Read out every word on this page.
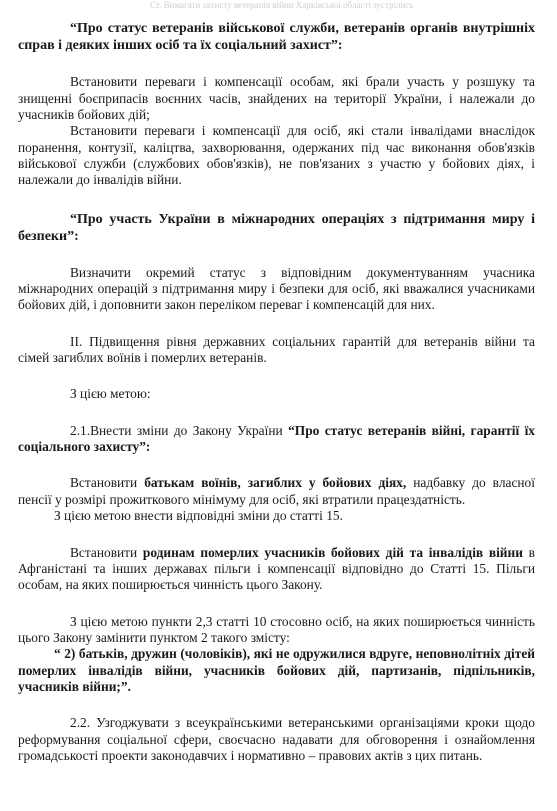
Ст. Вимагати захисту ветеранів війни Харківської області зустрілись

“Про статус ветеранів військової служби, ветеранів органів внутрішніх справ і деяких інших осіб та їх соціальний захист”:

Встановити переваги і компенсації особам, які брали участь у розшуку та знищенні боєприпасів воєнних часів, знайдених на території України, і належали до учасників бойових дій;

Встановити переваги і компенсації для осіб, які стали інвалідами внаслідок поранення, контузії, каліцтва, захворювання, одержаних під час виконання обов'язків військової служби (службових обов'язків), не пов'язаних з участю у бойових діях, і належали до інвалідів війни.

“Про участь України в міжнародних операціях з підтримання миру і безпеки”:

Визначити окремий статус з відповідним документуванням учасника міжнародних операцій з підтримання миру і безпеки для осіб, які вважалися учасниками бойових дій, і доповнити закон переліком переваг і компенсацій для них.

II. Підвищення рівня державних соціальних гарантій для ветеранів війни та сімей загиблих воїнів і померлих ветеранів.

З цією метою:

2.1.Внести зміни до Закону України “Про статус ветеранів війні, гарантії їх соціального захисту”:

Встановити батькам воїнів, загиблих у бойових діях, надбавку до власної пенсії у розмірі прожиткового мінімуму для осіб, які втратили працездатність.

З цією метою внести відповідні зміни до статті 15.

Встановити родинам померлих учасників бойових дій та інвалідів війни в Афганістані та інших державах пільги і компенсації відповідно до Статті 15. Пільги особам, на яких поширюється чинність цього Закону.

З цією метою пункти 2,3 статті 10 стосовно осіб, на яких поширюється чинність цього Закону замінити пунктом 2 такого змісту:

“ 2) батьків, дружин (чоловіків), які не одружилися вдруге, неповнолітніх дітей померлих інвалідів війни, учасників бойових дій, партизанів, підпільників, учасників війни;”.

2.2. Узгоджувати з всеукраїнськими ветеранськими організаціями кроки щодо реформування соціальної сфери, своєчасно надавати для обговорення і ознайомлення громадськості проекти законодавчих і нормативно – правових актів з цих питань.
